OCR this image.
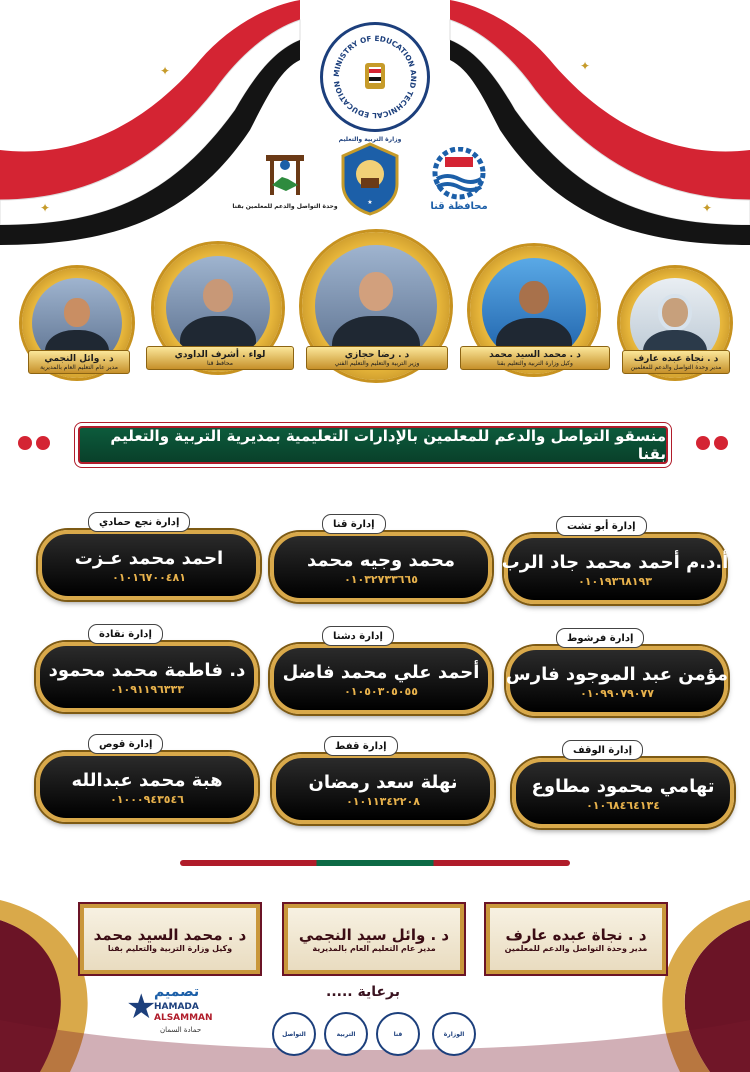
✦
✦
✦
✦
MINISTRY OF EDUCATION AND TECHNICAL EDUCATION
وحدة التواصل والدعم للمعلمين بقنا
★
وزارة التربية والتعليم
محافظة قنا
د . وائل النجمي
مدير عام التعليم العام بالمديرية
لواء . أشرف الداودي
محافظ قنا
د . رضا حجازي
وزير التربية والتعليم والتعليم الفني
د . محمد السيد محمد
وكيل وزارة التربية والتعليم بقنا	د . نجاة عبده عارف
مدير وحدة التواصل والدعم للمعلمين
منسقو التواصل والدعم للمعلمين بالإدارات التعليمية بمديرية التربية والتعليم بقنا
احمد محمد عـزت
٠١٠١٦٧٠٠٤٨١
إدارة نجع حمادي
محمد وجيه محمد
٠١٠٣٢٧٣٣٦٦٥
إدارة قنا
أ.د.م أحمد محمد جاد الرب
٠١٠١٩٣٦٨١٩٣
إدارة أبو تشت
د. فاطمة محمد محمود
٠١٠٩١١٩٦٣٣٣
إدارة نقادة
أحمد علي محمد فاضل
٠١٠٥٠٣٠٥٠٥٥
إدارة دشنا
مؤمن عبد الموجود فارس
٠١٠٩٩٠٧٩٠٧٧
إدارة فرشوط
هبة محمد عبدالله
٠١٠٠٠٩٤٣٥٤٦
إدارة قوص
نهلة سعد رمضان
٠١٠١١٣٤٢٢٠٨
إدارة قفط
تهامي محمود مطاوع
٠١٠٦٨٤٦٤١٣٤
إدارة الوقف
د . محمد السيد محمد
وكيل وزارة التربية والتعليم بقنا
د . وائل سيد النجمي
مدير عام التعليم العام بالمديرية
د . نجاة عبده عارف
مدير وحدة التواصل والدعم للمعلمين
برعاية .....
التواصل	التربية	قنا	الوزارة
★
تصميم
HAMADA
ALSAMMAN
حمادة السمان
